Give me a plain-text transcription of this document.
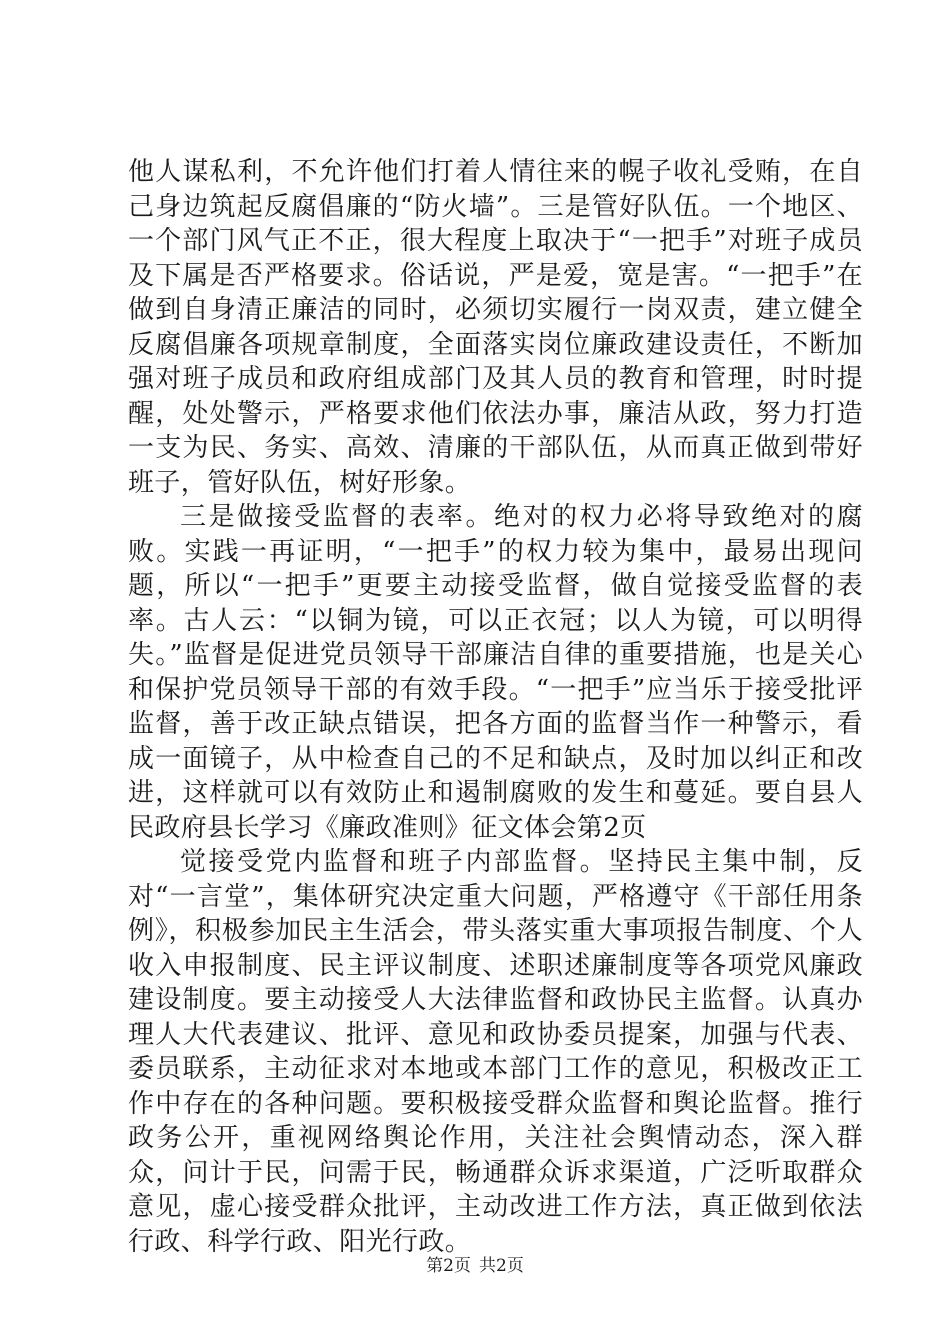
他人谋私利，不允许他们打着人情往来的幌子收礼受贿，在自己身边筑起反腐倡廉的“防火墙”。三是管好队伍。一个地区、一个部门风气正不正，很大程度上取决于“一把手”对班子成员及下属是否严格要求。俗话说，严是爱，宽是害。“一把手”在做到自身清正廉洁的同时，必须切实履行一岗双责，建立健全反腐倡廉各项规章制度，全面落实岗位廉政建设责任，不断加强对班子成员和政府组成部门及其人员的教育和管理，时时提醒，处处警示，严格要求他们依法办事，廉洁从政，努力打造一支为民、务实、高效、清廉的干部队伍，从而真正做到带好班子，管好队伍，树好形象。

三是做接受监督的表率。绝对的权力必将导致绝对的腐败。实践一再证明，“一把手”的权力较为集中，最易出现问题，所以“一把手”更要主动接受监督，做自觉接受监督的表率。古人云：“以铜为镜，可以正衣冠；以人为镜，可以明得失。”监督是促进党员领导干部廉洁自律的重要措施，也是关心和保护党员领导干部的有效手段。“一把手”应当乐于接受批评监督，善于改正缺点错误，把各方面的监督当作一种警示，看成一面镜子，从中检查自己的不足和缺点，及时加以纠正和改进，这样就可以有效防止和遏制腐败的发生和蔓延。要自县人民政府县长学习《廉政准则》征文体会第2页

觉接受党内监督和班子内部监督。坚持民主集中制，反对“一言堂”，集体研究决定重大问题，严格遵守《干部任用条例》，积极参加民主生活会，带头落实重大事项报告制度、个人收入申报制度、民主评议制度、述职述廉制度等各项党风廉政建设制度。要主动接受人大法律监督和政协民主监督。认真办理人大代表建议、批评、意见和政协委员提案，加强与代表、委员联系，主动征求对本地或本部门工作的意见，积极改正工作中存在的各种问题。要积极接受群众监督和舆论监督。推行政务公开，重视网络舆论作用，关注社会舆情动态，深入群众，问计于民，问需于民，畅通群众诉求渠道，广泛听取群众意见，虚心接受群众批评，主动改进工作方法，真正做到依法行政、科学行政、阳光行政。

第2页 共2页
